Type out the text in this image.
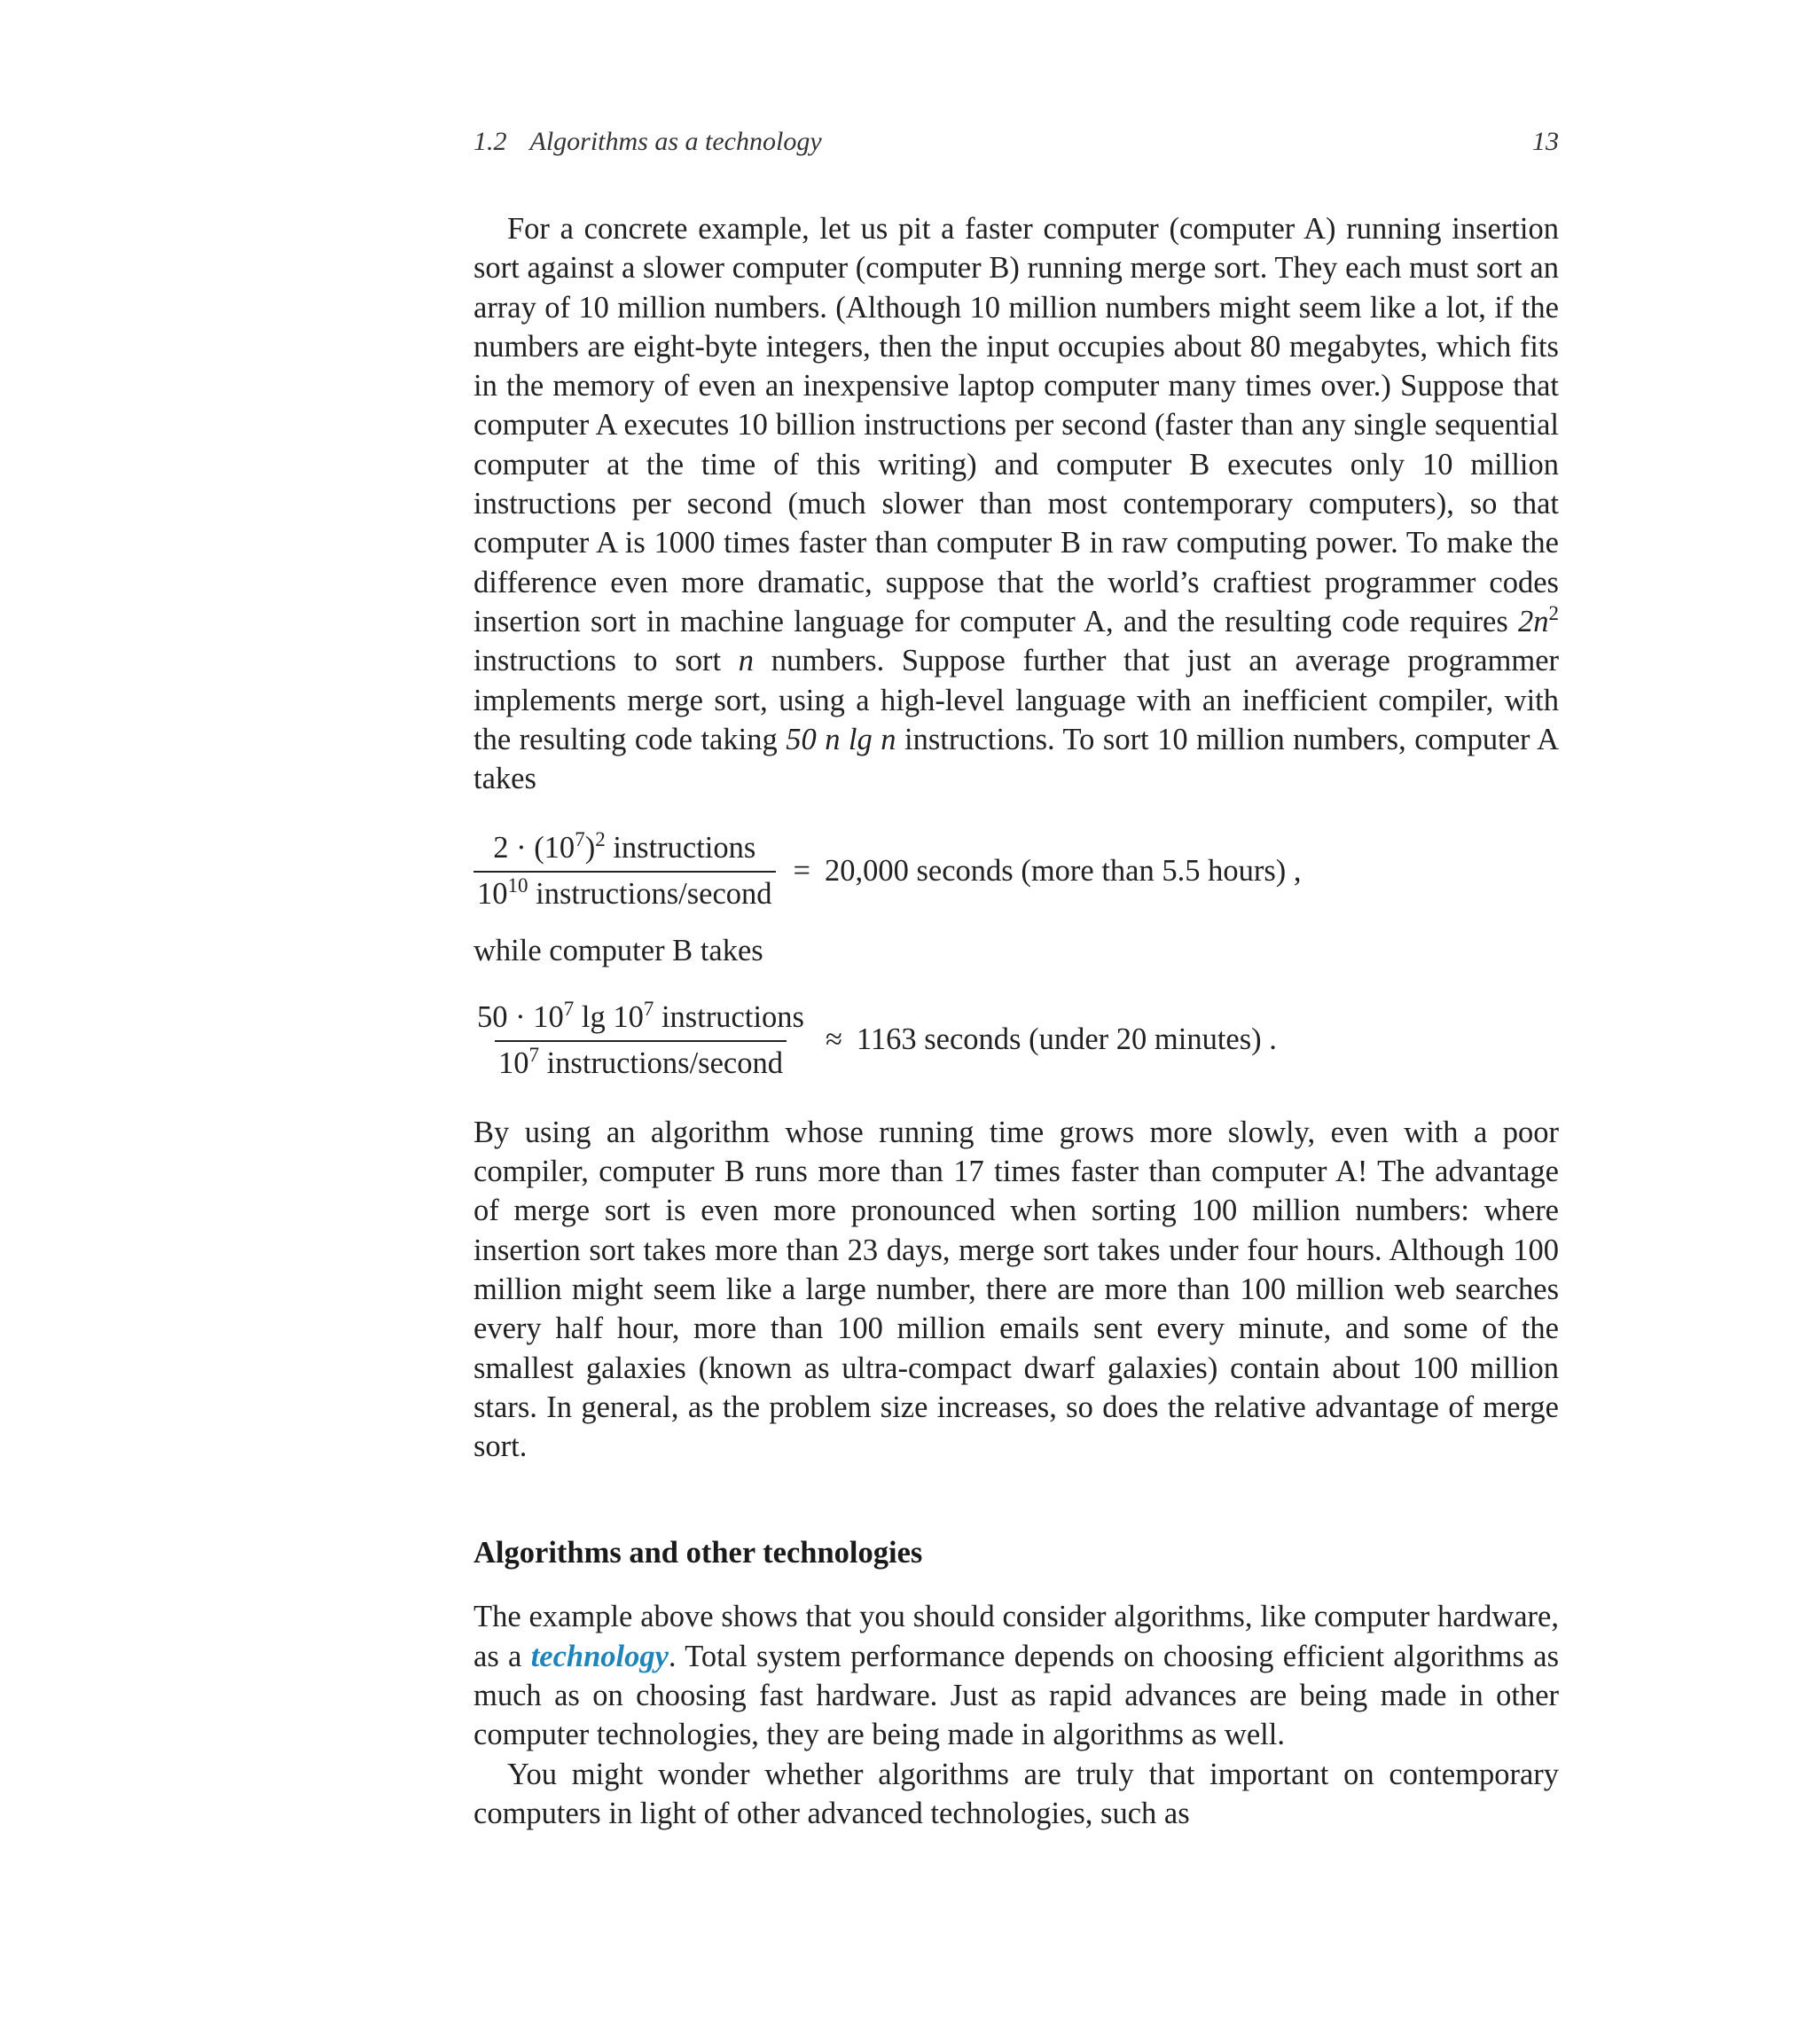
1.2 Algorithms as a technology	13

For a concrete example, let us pit a faster computer (computer A) running insertion sort against a slower computer (computer B) running merge sort. They each must sort an array of 10 million numbers. (Although 10 million numbers might seem like a lot, if the numbers are eight-byte integers, then the input occupies about 80 megabytes, which fits in the memory of even an inexpensive laptop computer many times over.) Suppose that computer A executes 10 billion instructions per second (faster than any single sequential computer at the time of this writing) and computer B executes only 10 million instructions per second (much slower than most contemporary computers), so that computer A is 1000 times faster than computer B in raw computing power. To make the difference even more dramatic, suppose that the world’s craftiest programmer codes insertion sort in machine language for computer A, and the resulting code requires $2n^2$ instructions to sort n numbers. Suppose further that just an average programmer implements merge sort, using a high-level language with an inefficient compiler, with the resulting code taking 50 n lg n instructions. To sort 10 million numbers, computer A takes

$\frac{2 \cdot (10^7)^2 instructions}{10^{10} instructions/second} = 20,000$ seconds (more than 5.5 hours) ,

while computer B takes

$\frac{50 \cdot 10^7 \lg 10^7 instructions}{10^7 instructions/second} \approx 1163$ seconds (under 20 minutes) .

By using an algorithm whose running time grows more slowly, even with a poor compiler, computer B runs more than 17 times faster than computer A! The advantage of merge sort is even more pronounced when sorting 100 million numbers: where insertion sort takes more than 23 days, merge sort takes under four hours. Although 100 million might seem like a large number, there are more than 100 million web searches every half hour, more than 100 million emails sent every minute, and some of the smallest galaxies (known as ultra-compact dwarf galaxies) contain about 100 million stars. In general, as the problem size increases, so does the relative advantage of merge sort.

Algorithms and other technologies

The example above shows that you should consider algorithms, like computer hardware, as a technology. Total system performance depends on choosing efficient algorithms as much as on choosing fast hardware. Just as rapid advances are being made in other computer technologies, they are being made in algorithms as well.

You might wonder whether algorithms are truly that important on contemporary computers in light of other advanced technologies, such as
